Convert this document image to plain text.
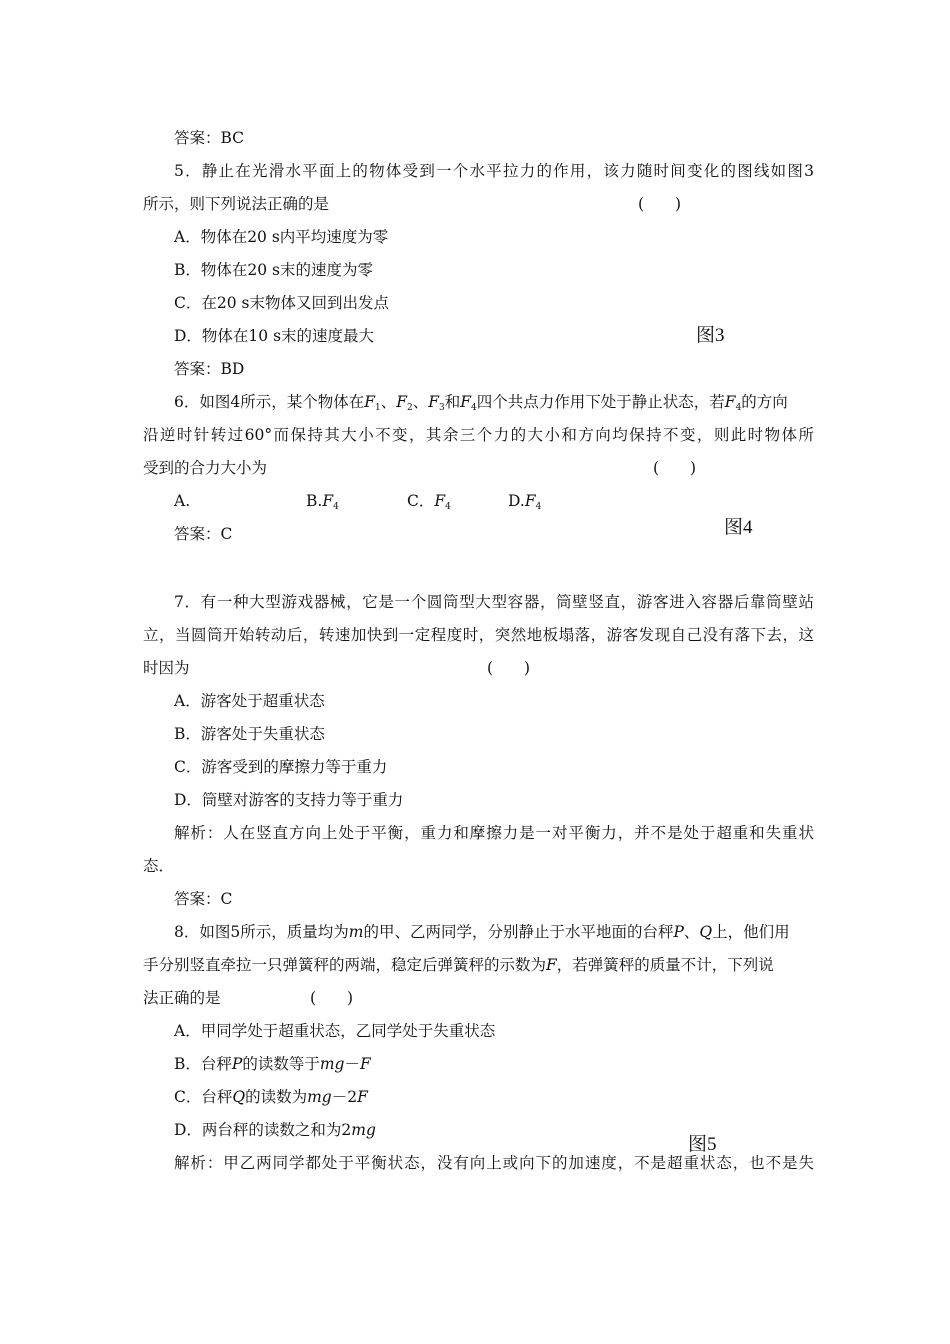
答案：BC
5．静止在光滑水平面上的物体受到一个水平拉力的作用，该力随时间变化的图线如图3
所示，则下列说法正确的是	(　　)
A．物体在20 s内平均速度为零
B．物体在20 s末的速度为零
C．在20 s末物体又回到出发点
D．物体在10 s末的速度最大	图3
答案：BD
6．如图4所示，某个物体在$F_1$、$F_2$、$F_3$和$F_4$四个共点力作用下处于静止状态，若$F_4$的方向
沿逆时针转过60°而保持其大小不变，其余三个力的大小和方向均保持不变，则此时物体所
受到的合力大小为	(　　)
A.	$B.F_4$	C．$F_4$	$D.F_4$
图4
答案：C
7．有一种大型游戏器械，它是一个圆筒型大型容器，筒壁竖直，游客进入容器后靠筒壁站
立，当圆筒开始转动后，转速加快到一定程度时，突然地板塌落，游客发现自己没有落下去，这
时因为	(　　)
A．游客处于超重状态
B．游客处于失重状态
C．游客受到的摩擦力等于重力
D．筒壁对游客的支持力等于重力
解析：人在竖直方向上处于平衡，重力和摩擦力是一对平衡力，并不是处于超重和失重状
态．
答案：C
8．如图5所示，质量均为m的甲、乙两同学，分别静止于水平地面的台秤P、Q上，他们用
手分别竖直牵拉一只弹簧秤的两端，稳定后弹簧秤的示数为F，若弹簧秤的质量不计，下列说
法正确的是	(　　)
A．甲同学处于超重状态，乙同学处于失重状态
B．台秤P的读数等于mg－F
C．台秤Q的读数为mg－2F
D．两台秤的读数之和为2mg
图5
解析：甲乙两同学都处于平衡状态，没有向上或向下的加速度，不是超重状态，也不是失
